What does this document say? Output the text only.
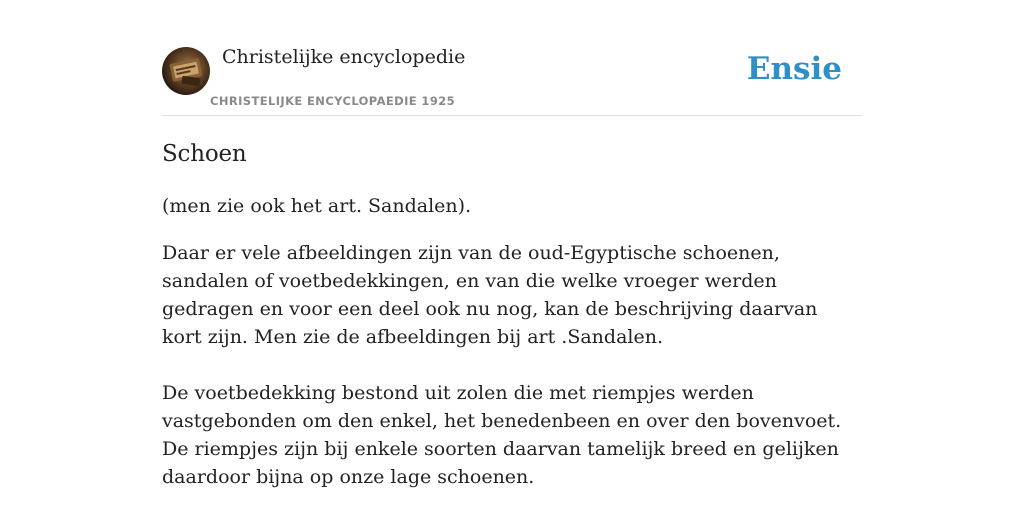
Christelijke encyclopedie
CHRISTELIJKE ENCYCLOPAEDIE 1925
Ensie
Schoen

(men zie ook het art. Sandalen).

Daar er vele afbeeldingen zijn van de oud-Egyptische schoenen, sandalen of voetbedekkingen, en van die welke vroeger werden gedragen en voor een deel ook nu nog, kan de beschrijving daarvan kort zijn. Men zie de afbeeldingen bij art .Sandalen.

De voetbedekking bestond uit zolen die met riempjes werden vastgebonden om den enkel, het benedenbeen en over den bovenvoet. De riempjes zijn bij enkele soorten daarvan tamelijk breed en gelijken daardoor bijna op onze lage schoenen.
